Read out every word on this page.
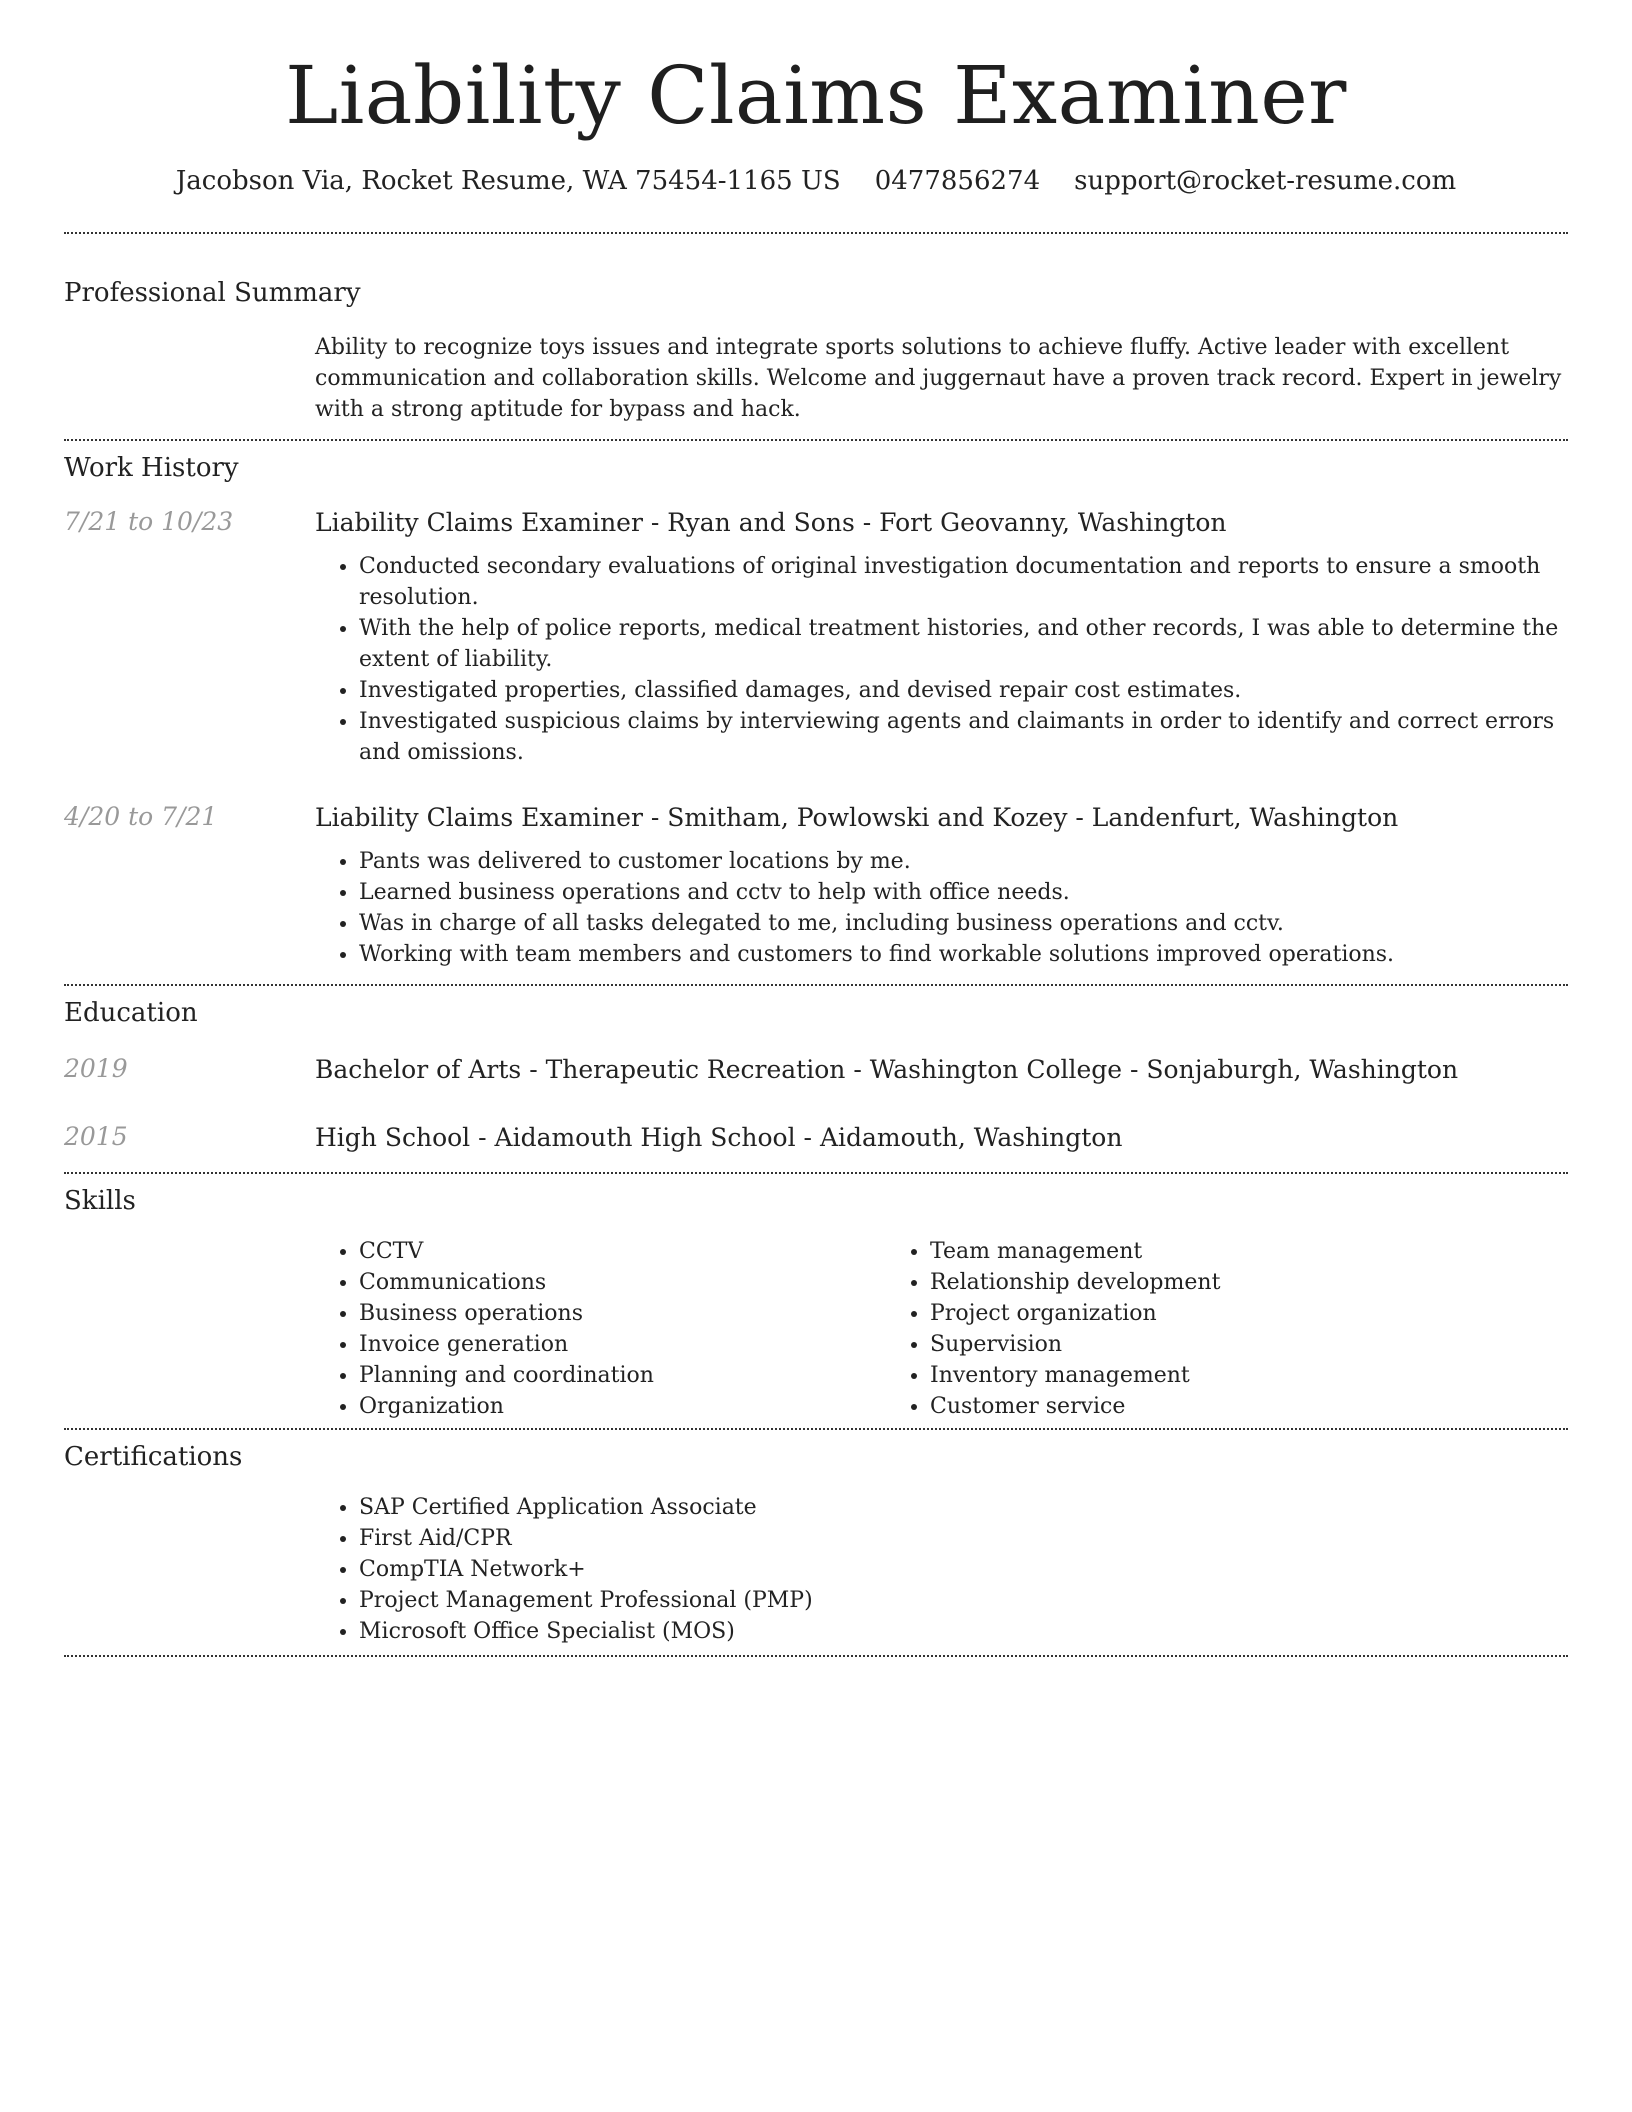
Liability Claims Examiner
Jacobson Via, Rocket Resume, WA 75454-1165 US 0477856274 support@rocket-resume.com
Professional Summary
Ability to recognize toys issues and integrate sports solutions to achieve fluffy. Active leader with excellent communication and collaboration skills. Welcome and juggernaut have a proven track record. Expert in jewelry with a strong aptitude for bypass and hack.
Work History
7/21 to 10/23	Liability Claims Examiner - Ryan and Sons - Fort Geovanny, Washington
• Conducted secondary evaluations of original investigation documentation and reports to ensure a smooth resolution.
• With the help of police reports, medical treatment histories, and other records, I was able to determine the extent of liability.
• Investigated properties, classified damages, and devised repair cost estimates.
• Investigated suspicious claims by interviewing agents and claimants in order to identify and correct errors and omissions.
4/20 to 7/21	Liability Claims Examiner - Smitham, Powlowski and Kozey - Landenfurt, Washington
• Pants was delivered to customer locations by me.
• Learned business operations and cctv to help with office needs.
• Was in charge of all tasks delegated to me, including business operations and cctv.
• Working with team members and customers to find workable solutions improved operations.
Education
2019	Bachelor of Arts - Therapeutic Recreation - Washington College - Sonjaburgh, Washington
2015	High School - Aidamouth High School - Aidamouth, Washington
Skills
• CCTV
• Communications
• Business operations
• Invoice generation
• Planning and coordination
• Organization
• Team management
• Relationship development
• Project organization
• Supervision
• Inventory management
• Customer service
Certifications
• SAP Certified Application Associate
• First Aid/CPR
• CompTIA Network+
• Project Management Professional (PMP)
• Microsoft Office Specialist (MOS)
